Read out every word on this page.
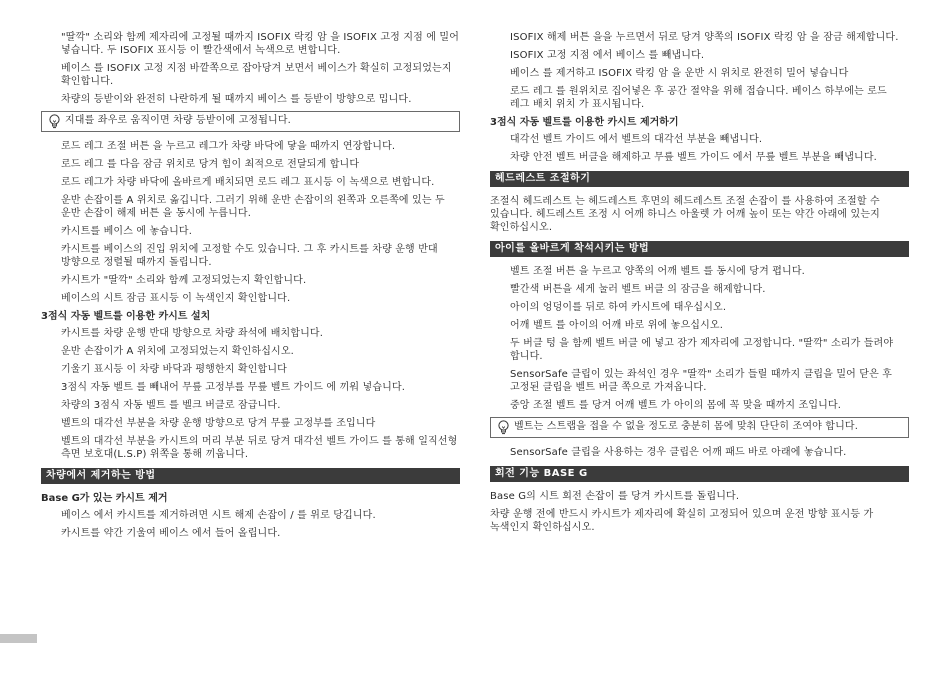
"딸깍" 소리와 함께 제자리에 고정될 때까지 ISOFIX 락킹 암 을 ISOFIX 고정 지점 에 밀어 넣습니다. 두 ISOFIX 표시등 이 빨간색에서 녹색으로 변합니다.

베이스 를 ISOFIX 고정 지점 바깥쪽으로 잡아당겨 보면서 베이스가 확실히 고정되었는지 확인합니다.

차량의 등받이와 완전히 나란하게 될 때까지 베이스 를 등받이 방향으로 밉니다.

지대를 좌우로 움직이면 차량 등받이에 고정됩니다.

로드 레그 조절 버튼 을 누르고 레그가 차량 바닥에 닿을 때까지 연장합니다.

로드 레그 를 다음 잠금 위치로 당겨 힘이 최적으로 전달되게 합니다

로드 레그가 차량 바닥에 올바르게 배치되면 로드 레그 표시등 이 녹색으로 변합니다.

운반 손잡이를 A 위치로 옮깁니다. 그러기 위해 운반 손잡이의 왼쪽과 오른쪽에 있는 두 운반 손잡이 해제 버튼 을 동시에 누릅니다.

카시트를 베이스 에 놓습니다.

카시트를 베이스의 진입 위치에 고정할 수도 있습니다. 그 후 카시트를 차량 운행 반대 방향으로 정렬될 때까지 돌립니다.

카시트가 "딸깍" 소리와 함께 고정되었는지 확인합니다.

베이스의 시트 잠금 표시등 이 녹색인지 확인합니다.

3점식 자동 벨트를 이용한 카시트 설치

카시트를 차량 운행 반대 방향으로 차량 좌석에 배치합니다.

운반 손잡이가 A 위치에 고정되었는지 확인하십시오.

기울기 표시등 이 차량 바닥과 평행한지 확인합니다

3점식 자동 벨트 를 빼내어 무릎 고정부를 무릎 벨트 가이드 에 끼워 넣습니다.

차량의 3점식 자동 벨트 를 벨크 버클로 잠급니다.

벨트의 대각선 부분을 차량 운행 방향으로 당겨 무릎 고정부를 조입니다

벨트의 대각선 부분을 카시트의 머리 부분 뒤로 당겨 대각선 벨트 가이드 를 통해 일직선형 측면 보호대(L.S.P) 위쪽을 통해 끼웁니다.

차량에서 제거하는 방법
Base G가 있는 카시트 제거

베이스 에서 카시트를 제거하려면 시트 해제 손잡이 / 를 위로 당깁니다.

카시트를 약간 기울여 베이스 에서 들어 올립니다.

ISOFIX 해제 버튼 을을 누르면서 뒤로 당겨 양쪽의 ISOFIX 락킹 암 을 잠금 해제합니다.

ISOFIX 고정 지점 에서 베이스 를 빼냅니다.

베이스 를 제거하고 ISOFIX 락킹 암 을 운반 시 위치로 완전히 밀어 넣습니다

로드 레그 를 원위치로 집어넣은 후 공간 절약을 위해 접습니다. 베이스 하부에는 로드 레그 배치 위치 가 표시됩니다.

3점식 자동 벨트를 이용한 카시트 제거하기

대각선 벨트 가이드 에서 벨트의 대각선 부분을 빼냅니다.

차량 안전 벨트 버클을 해제하고 무릎 벨트 가이드 에서 무릎 벨트 부분을 빼냅니다.

헤드레스트 조절하기

조절식 헤드레스트 는 헤드레스트 후면의 헤드레스트 조절 손잡이 를 사용하여 조절할 수 있습니다. 헤드레스트 조정 시 어깨 하니스 아울렛 가 어깨 높이 또는 약간 아래에 있는지 확인하십시오.

아이를 올바르게 착석시키는 방법

벨트 조절 버튼 을 누르고 양쪽의 어깨 벨트 를 동시에 당겨 폅니다.

빨간색 버튼을 세게 눌러 벨트 버클 의 잠금을 해제합니다.

아이의 엉덩이를 뒤로 하여 카시트에 태우십시오.

어깨 벨트 를 아이의 어깨 바로 위에 놓으십시오.

두 버클 텅 을 함께 벨트 버클 에 넣고 잠가 제자리에 고정합니다. "딸깍" 소리가 들려야 합니다.

SensorSafe 클립이 있는 좌석인 경우 "딸깍" 소리가 들릴 때까지 클립을 밀어 닫은 후 고정된 클립을 벨트 버클 쪽으로 가져옵니다.

중앙 조절 벨트 를 당겨 어깨 벨트 가 아이의 몸에 꼭 맞을 때까지 조입니다.

벨트는 스트랩을 접을 수 없을 정도로 충분히 몸에 맞춰 단단히 조여야 합니다.

SensorSafe 클립을 사용하는 경우 클립은 어깨 패드 바로 아래에 놓습니다.

회전 기능 BASE G

Base G의 시트 회전 손잡이 를 당겨 카시트를 돌립니다.

차량 운행 전에 반드시 카시트가 제자리에 확실히 고정되어 있으며 운전 방향 표시등 가 녹색인지 확인하십시오.
